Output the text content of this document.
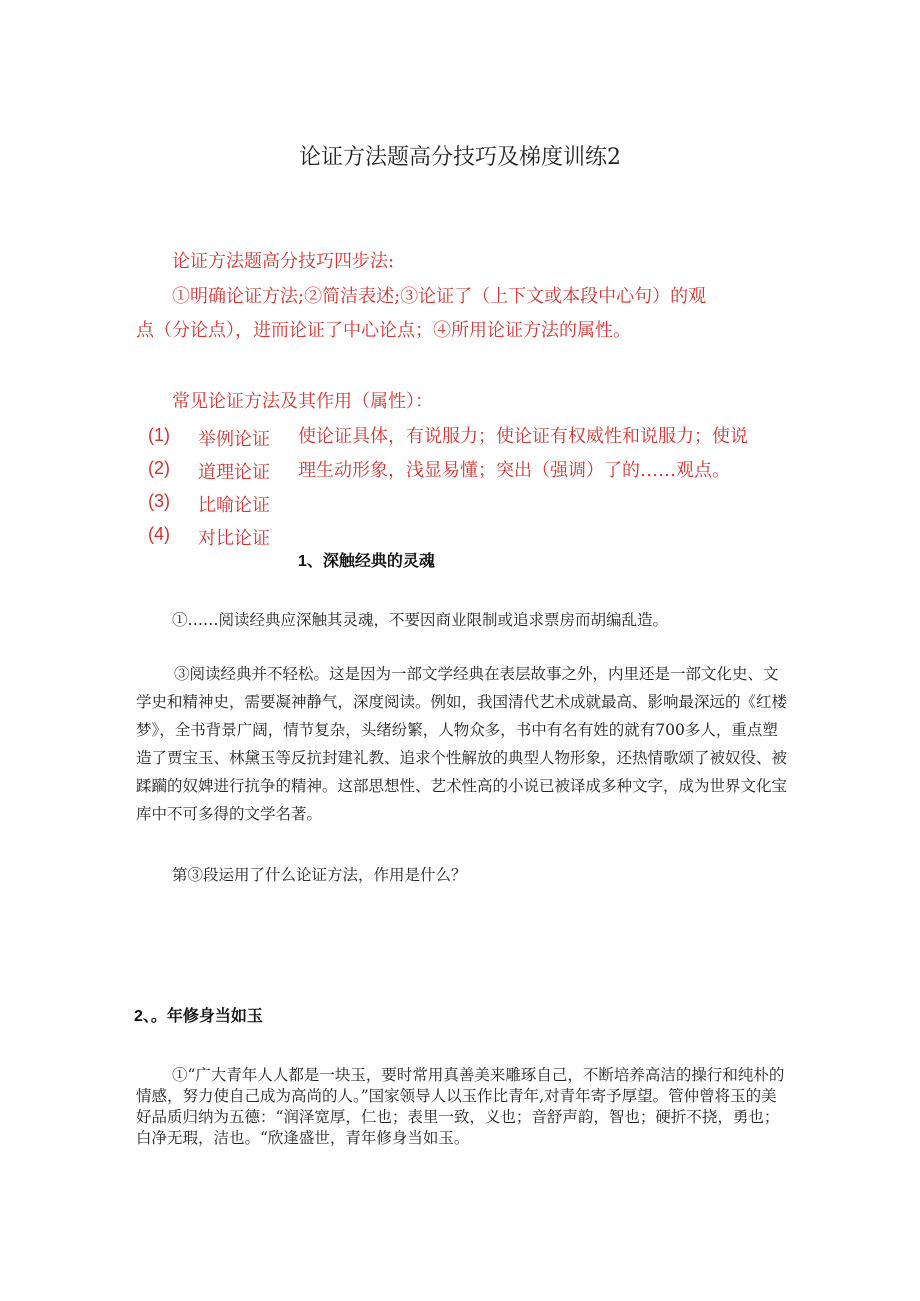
论证方法题高分技巧及梯度训练2
论证方法题高分技巧四步法:
①明确论证方法;②简洁表述;③论证了（上下文或本段中心句）的观
点（分论点），进而论证了中心论点；④所用论证方法的属性。
常见论证方法及其作用（属性）：
(1) 举例论证
(2) 道理论证
(3) 比喻论证
(4) 对比论证
使论证具体，有说服力；使论证有权威性和说服力；使说
理生动形象，浅显易懂；突出（强调）了的……观点。
1、深触经典的灵魂
①……阅读经典应深触其灵魂，不要因商业限制或追求票房而胡编乱造。
③阅读经典并不轻松。这是因为一部文学经典在表层故事之外，内里还是一部文化史、文学史和精神史，需要凝神静气，深度阅读。例如，我国清代艺术成就最高、影响最深远的《红楼梦》，全书背景广阔，情节复杂，头绪纷繁，人物众多，书中有名有姓的就有700多人，重点塑造了贾宝玉、林黛玉等反抗封建礼教、追求个性解放的典型人物形象，还热情歌颂了被奴役、被蹂躏的奴婢进行抗争的精神。这部思想性、艺术性高的小说已被译成多种文字，成为世界文化宝库中不可多得的文学名著。
第③段运用了什么论证方法，作用是什么？
2、。年修身当如玉
①“广大青年人人都是一块玉，要时常用真善美来雕琢自己，不断培养高洁的操行和纯朴的情感，努力使自己成为高尚的人。”国家领导人以玉作比青年,对青年寄予厚望。管仲曾将玉的美好品质归纳为五德：“润泽宽厚，仁也；表里一致，义也；音舒声韵，智也；硬折不挠，勇也；白净无瑕，洁也。“欣逢盛世，青年修身当如玉。
